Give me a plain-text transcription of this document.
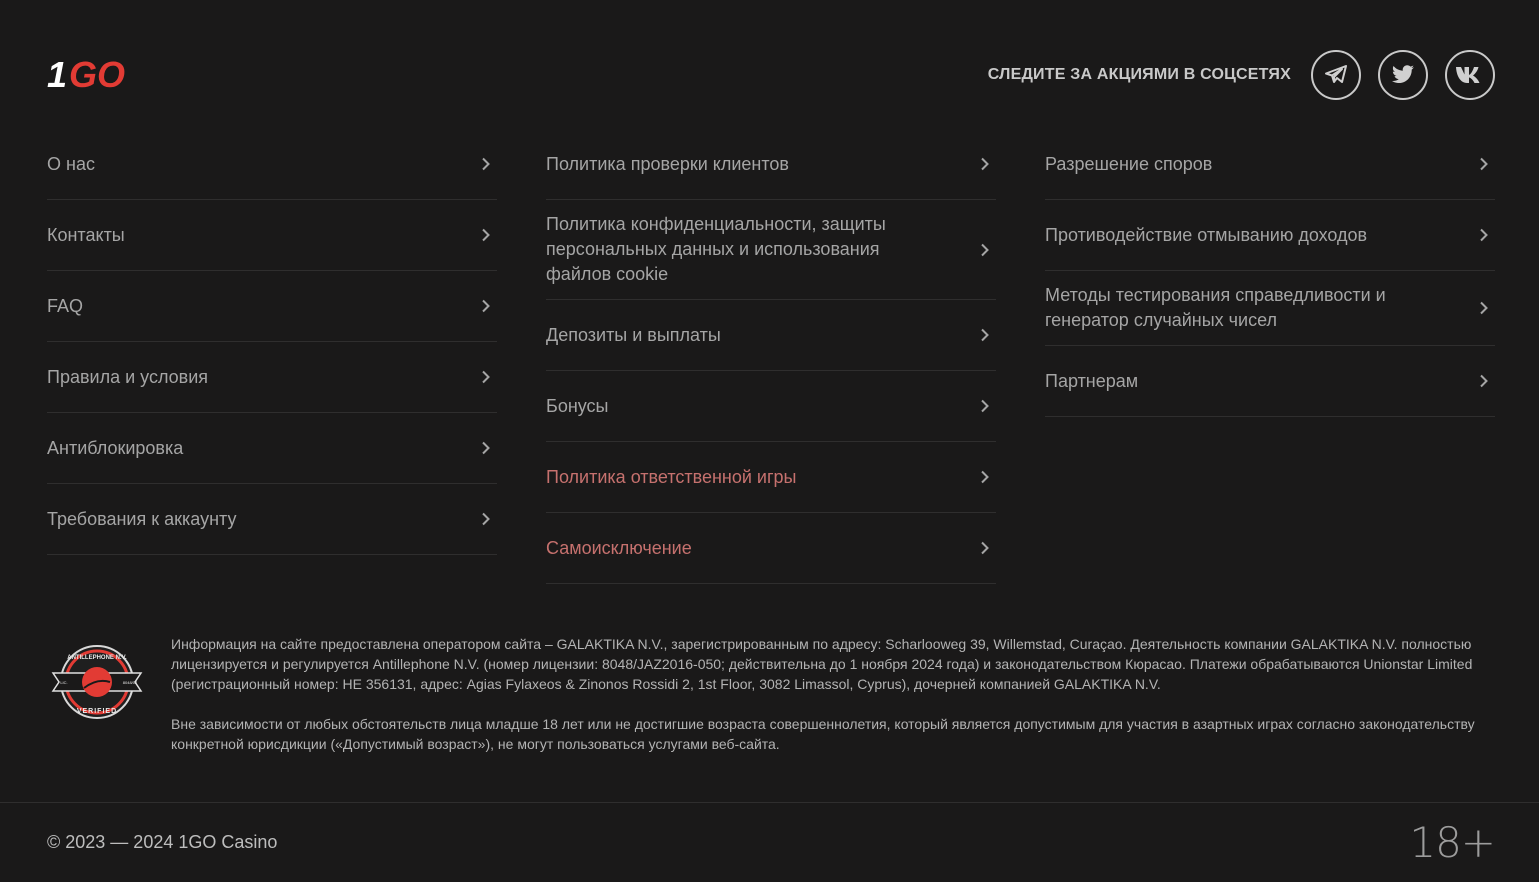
1 GO	СЛЕДИТЕ ЗА АКЦИЯМИ В СОЦСЕТЯХ
О нас
Контакты
FAQ
Правила и условия
Антиблокировка
Требования к аккаунту
Политика проверки клиентов
Политика конфиденциальности, защиты персональных данных и использования файлов cookie
Депозиты и выплаты
Бонусы
Политика ответственной игры
Самоисключение
Разрешение споров
Противодействие отмыванию доходов
Методы тестирования справедливости и генератор случайных чисел
Партнерам
ANTILLEPHONE N.V.
VERIFIED
LIC.	8048/02

Информация на сайте предоставлена оператором сайта – GALAKTIKA N.V., зарегистрированным по адресу: Scharlooweg 39, Willemstad, Curaçao. Деятельность компании GALAKTIKA N.V. полностью лицензируется и регулируется Antillephone N.V. (номер лицензии: 8048/JAZ2016-050; действительна до 1 ноября 2024 года) и законодательством Кюрасао. Платежи обрабатываются Unionstar Limited (регистрационный номер: HE 356131, адрес: Agias Fylaxeos & Zinonos Rossidi 2, 1st Floor, 3082 Limassol, Cyprus), дочерней компанией GALAKTIKA N.V.

Вне зависимости от любых обстоятельств лица младше 18 лет или не достигшие возраста совершеннолетия, который является допустимым для участия в азартных играх согласно законодательству конкретной юрисдикции («Допустимый возраст»), не могут пользоваться услугами веб-сайта.

© 2023 — 2024 1GO Casino	18+
